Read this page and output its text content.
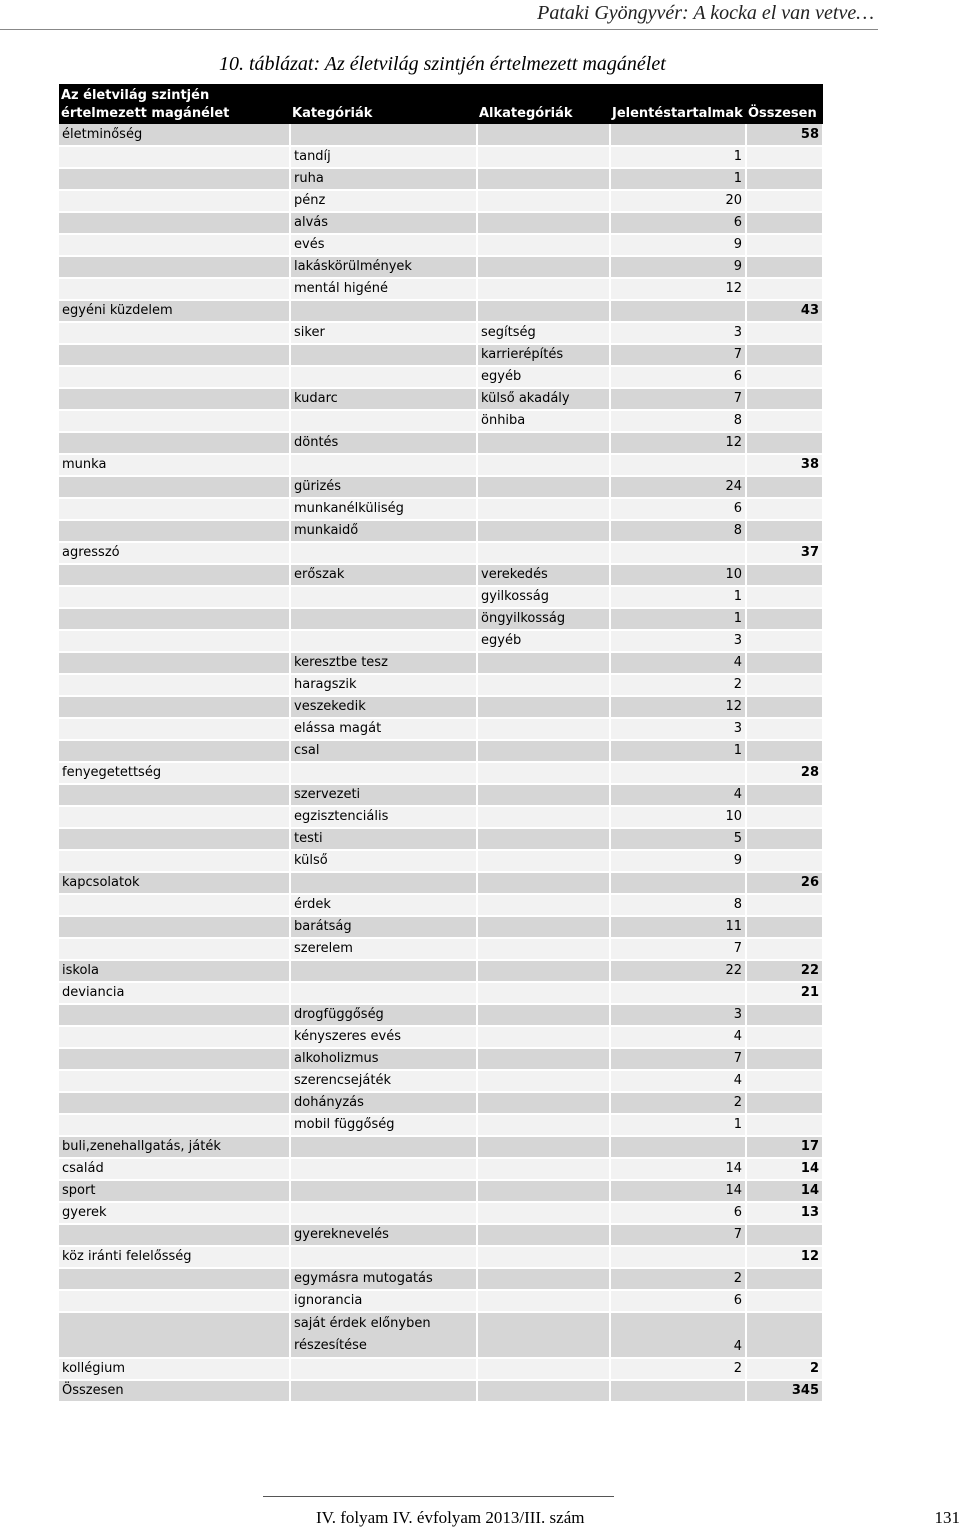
Pataki Gyöngyvér: A kocka el van vetve…
10. táblázat: Az életvilág szintjén értelmezett magánélet
Az életvilág szintjén értelmezett magánélet	Kategóriák	Alkategóriák	Jelentéstartalmak	Összesen
életminőség				58
	tandíj		1	
	ruha		1	
	pénz		20	
	alvás		6	
	evés		9	
	lakáskörülmények		9	
	mentál higéné		12	
egyéni küzdelem				43
	siker	segítség	3	
		karrierépítés	7	
		egyéb	6	
	kudarc	külső akadály	7	
		önhiba	8	
	döntés		12	
munka				38
	gürizés		24	
	munkanélküliség		6	
	munkaidő		8	
agresszó				37
	erőszak	verekedés	10	
		gyilkosság	1	
		öngyilkosság	1	
		egyéb	3	
	keresztbe tesz		4	
	haragszik		2	
	veszekedik		12	
	elássa magát		3	
	csal		1	
fenyegetettség				28
	szervezeti		4	
	egzisztenciális		10	
	testi		5	
	külső		9	
kapcsolatok				26
	érdek		8	
	barátság		11	
	szerelem		7	
iskola			22	22
deviancia				21
	drogfüggőség		3	
	kényszeres evés		4	
	alkoholizmus		7	
	szerencsejáték		4	
	dohányzás		2	
	mobil függőség		1	
buli,zenehallgatás, játék				17
család			14	14
sport			14	14
gyerek			6	13
	gyereknevelés		7	
köz iránti felelősség				12
	egymásra mutogatás		2	
	ignorancia		6	
	saját érdek előnyben részesítése		4	
kollégium			2	2
Összesen				345
IV. folyam IV. évfolyam 2013/III. szám	131
